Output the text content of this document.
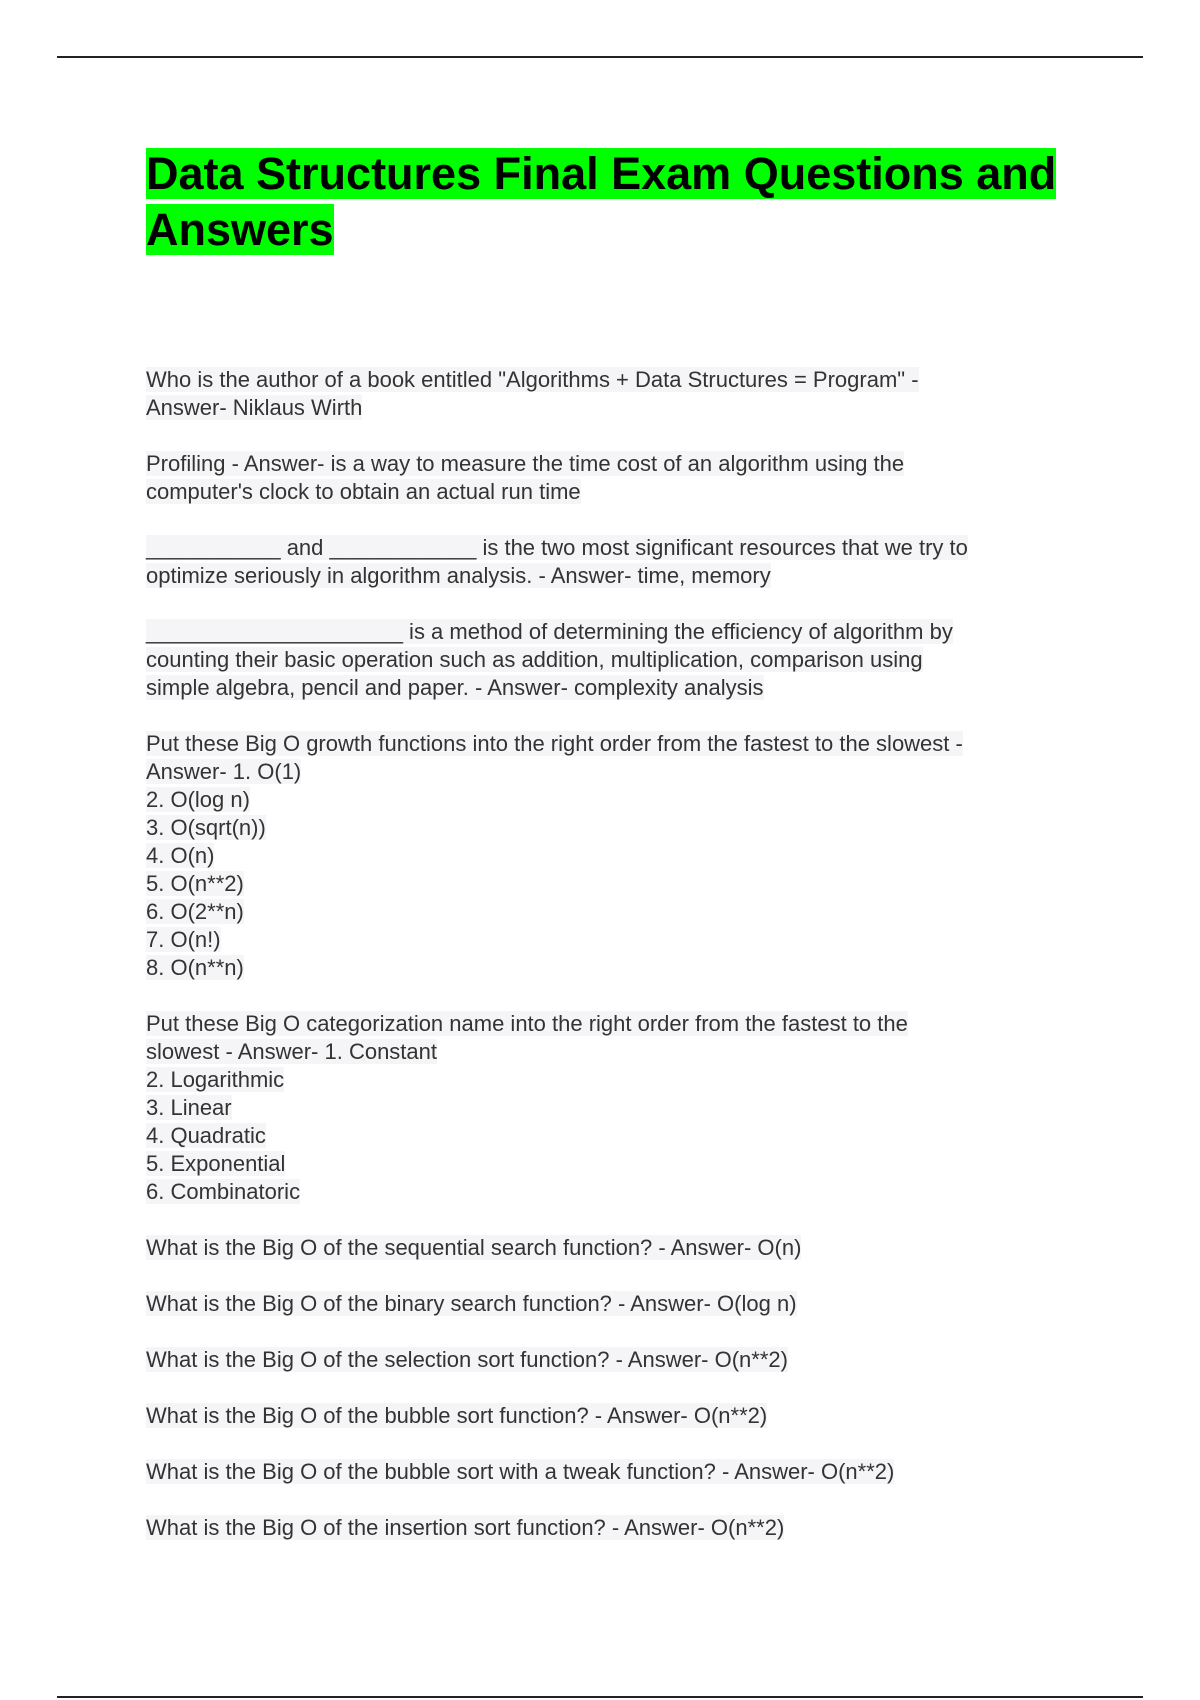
Data Structures Final Exam Questions and Answers

Who is the author of a book entitled "Algorithms + Data Structures = Program" -
Answer- Niklaus Wirth

Profiling - Answer- is a way to measure the time cost of an algorithm using the
computer's clock to obtain an actual run time

___________ and ____________ is the two most significant resources that we try to
optimize seriously in algorithm analysis. - Answer- time, memory

_____________________ is a method of determining the efficiency of algorithm by
counting their basic operation such as addition, multiplication, comparison using
simple algebra, pencil and paper. - Answer- complexity analysis

Put these Big O growth functions into the right order from the fastest to the slowest -
Answer- 1. O(1)
2. O(log n)
3. O(sqrt(n))
4. O(n)
5. O(n**2)
6. O(2**n)
7. O(n!)
8. O(n**n)

Put these Big O categorization name into the right order from the fastest to the
slowest - Answer- 1. Constant
2. Logarithmic
3. Linear
4. Quadratic
5. Exponential
6. Combinatoric

What is the Big O of the sequential search function? - Answer- O(n)

What is the Big O of the binary search function? - Answer- O(log n)

What is the Big O of the selection sort function? - Answer- O(n**2)

What is the Big O of the bubble sort function? - Answer- O(n**2)

What is the Big O of the bubble sort with a tweak function? - Answer- O(n**2)

What is the Big O of the insertion sort function? - Answer- O(n**2)
